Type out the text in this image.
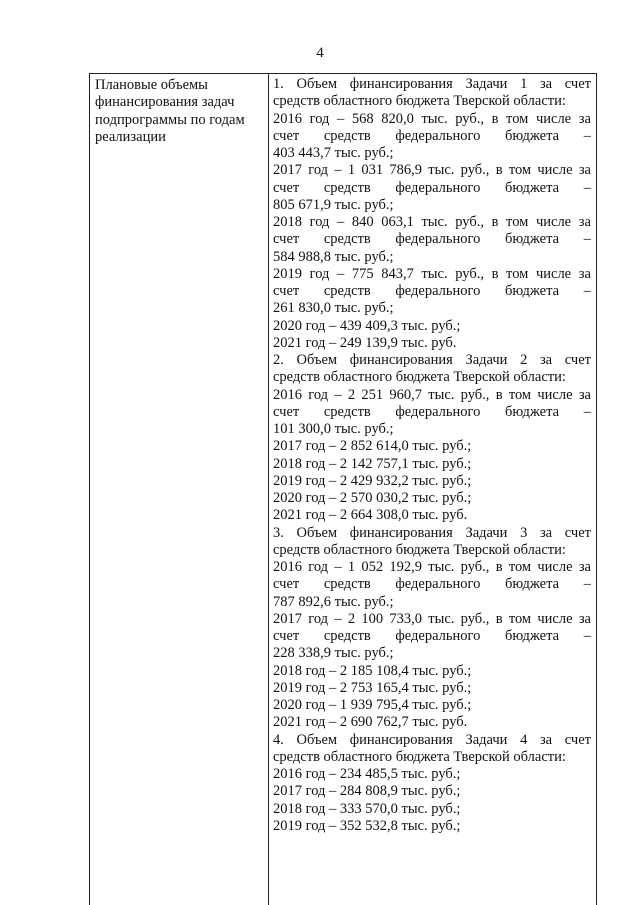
4
Плановые объемы
финансирования задач
подпрограммы по годам
реализации
1. Объем финансирования Задачи 1 за счет
средств областного бюджета Тверской области:
2016 год – 568 820,0 тыс. руб., в том числе за
счет средств федерального бюджета –
403 443,7 тыс. руб.;
2017 год – 1 031 786,9 тыс. руб., в том числе за
счет средств федерального бюджета –
805 671,9 тыс. руб.;
2018 год – 840 063,1 тыс. руб., в том числе за
счет средств федерального бюджета –
584 988,8 тыс. руб.;
2019 год – 775 843,7 тыс. руб., в том числе за
счет средств федерального бюджета –
261 830,0 тыс. руб.;
2020 год – 439 409,3 тыс. руб.;
2021 год – 249 139,9 тыс. руб.
2. Объем финансирования Задачи 2 за счет
средств областного бюджета Тверской области:
2016 год – 2 251 960,7 тыс. руб., в том числе за
счет средств федерального бюджета –
101 300,0 тыс. руб.;
2017 год – 2 852 614,0 тыс. руб.;
2018 год – 2 142 757,1 тыс. руб.;
2019 год – 2 429 932,2 тыс. руб.;
2020 год – 2 570 030,2 тыс. руб.;
2021 год – 2 664 308,0 тыс. руб.
3. Объем финансирования Задачи 3 за счет
средств областного бюджета Тверской области:
2016 год – 1 052 192,9 тыс. руб., в том числе за
счет средств федерального бюджета –
787 892,6 тыс. руб.;
2017 год – 2 100 733,0 тыс. руб., в том числе за
счет средств федерального бюджета –
228 338,9 тыс. руб.;
2018 год – 2 185 108,4 тыс. руб.;
2019 год – 2 753 165,4 тыс. руб.;
2020 год – 1 939 795,4 тыс. руб.;
2021 год – 2 690 762,7 тыс. руб.
4. Объем финансирования Задачи 4 за счет
средств областного бюджета Тверской области:
2016 год – 234 485,5 тыс. руб.;
2017 год – 284 808,9 тыс. руб.;
2018 год – 333 570,0 тыс. руб.;
2019 год – 352 532,8 тыс. руб.;
